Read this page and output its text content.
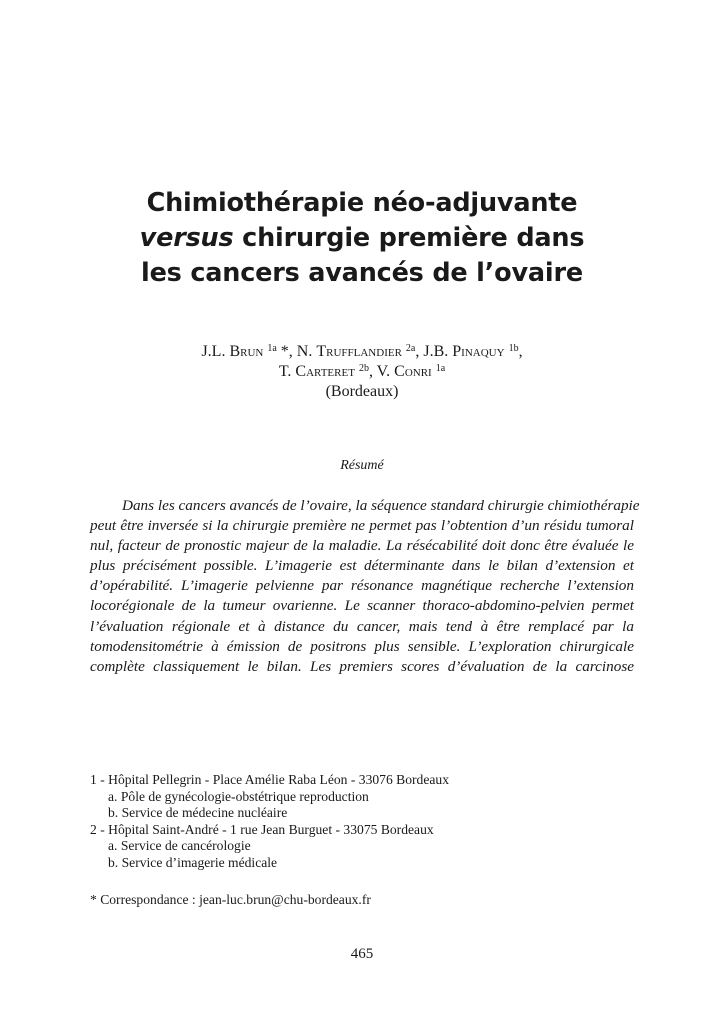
Chimiothérapie néo-adjuvante
versus chirurgie première dans
les cancers avancés de l’ovaire
J.L. Brun $^{1a}$ *, N. Trufflandier $^{2a}$, J.B. Pinaquy $^{1b}$,
T. Carteret $^{2b}$, V. Conri $^{1a}$
(Bordeaux)
Résumé
Dans les cancers avancés de l’ovaire, la séquence standard chirurgie chimiothérapie
peut être inversée si la chirurgie première ne permet pas l’obtention d’un résidu tumoral
nul, facteur de pronostic majeur de la maladie. La résécabilité doit donc être évaluée le
plus précisément possible. L’imagerie est déterminante dans le bilan d’extension et
d’opérabilité. L’imagerie pelvienne par résonance magnétique recherche l’extension
locorégionale de la tumeur ovarienne. Le scanner thoraco-abdomino-pelvien permet
l’évaluation régionale et à distance du cancer, mais tend à être remplacé par la
tomodensitométrie à émission de positrons plus sensible. L’exploration chirurgicale
complète classiquement le bilan. Les premiers scores d’évaluation de la carcinose
1 - Hôpital Pellegrin - Place Amélie Raba Léon - 33076 Bordeaux
a. Pôle de gynécologie-obstétrique reproduction
b. Service de médecine nucléaire
2 - Hôpital Saint-André - 1 rue Jean Burguet - 33075 Bordeaux
a. Service de cancérologie
b. Service d’imagerie médicale
* Correspondance : jean-luc.brun@chu-bordeaux.fr
465
